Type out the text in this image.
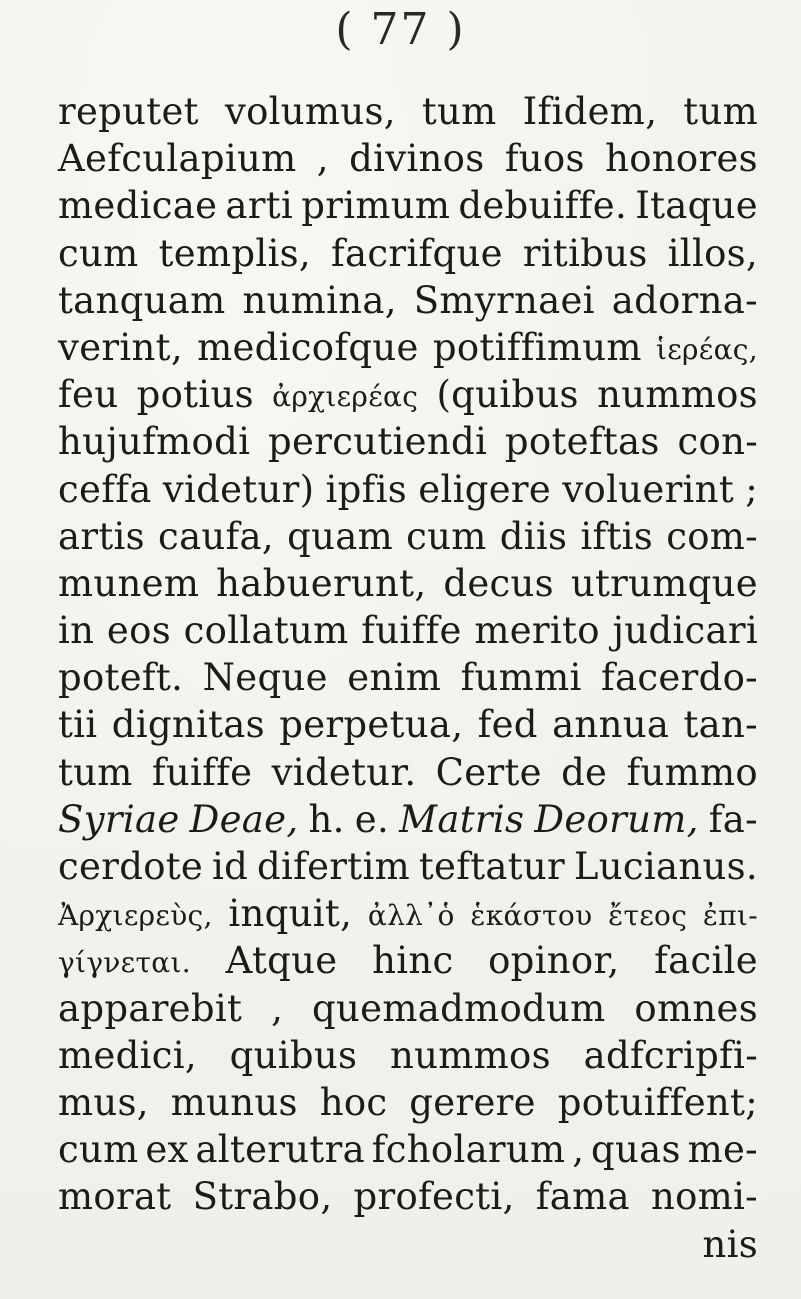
( 77 )
reputet volumus, tum Ifidem, tum
Aefculapium , divinos fuos honores
medicae arti primum debuiffe. Itaque
cum templis, facrifque ritibus illos,
tanquam numina, Smyrnaei adorna-
verint, medicofque potiffimum ἱερέας,
feu potius ἀρχιερέας (quibus nummos
hujufmodi percutiendi poteftas con-
ceffa videtur) ipfis eligere voluerint ;
artis caufa, quam cum diis iftis com-
munem habuerunt, decus utrumque
in eos collatum fuiffe merito judicari
poteft. Neque enim fummi facerdo-
tii dignitas perpetua, fed annua tan-
tum fuiffe videtur. Certe de fummo
Syriae Deae, h. e. Matris Deorum, fa-
cerdote id difertim teftatur Lucianus.
Ἀρχιερεὺς, inquit, ἀλλ᾽ὁ ἑκάστου ἔτεος ἐπι-
γίγνεται. Atque hinc opinor, facile
apparebit , quemadmodum omnes
medici, quibus nummos adfcripfi-
mus, munus hoc gerere potuiffent;
cum ex alterutra fcholarum , quas me-
morat Strabo, profecti, fama nomi-
nis
